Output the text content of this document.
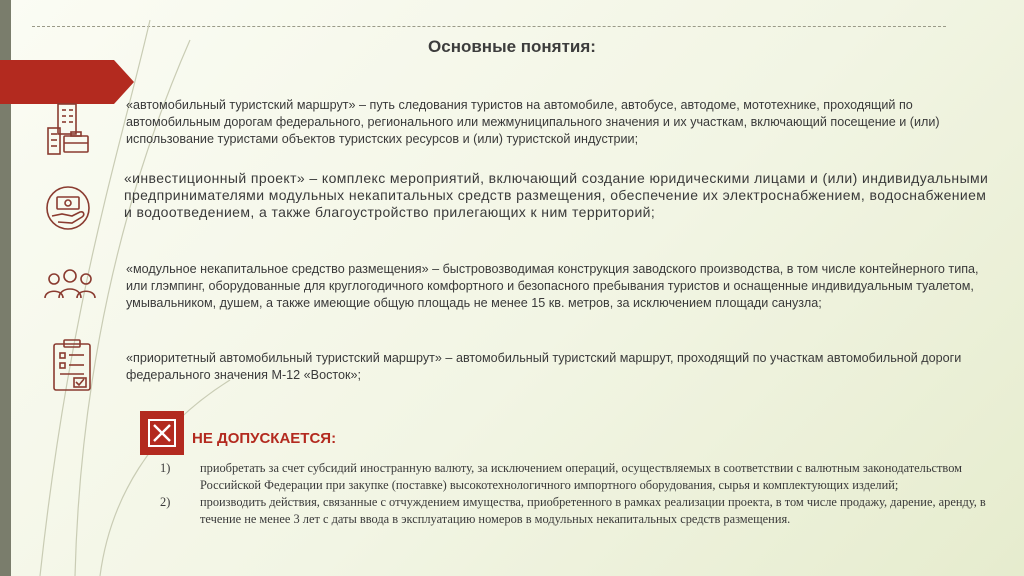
Основные понятия:
«автомобильный туристский маршрут» – путь следования туристов на автомобиле, автобусе, автодоме, мототехнике, проходящий по автомобильным дорогам федерального, регионального или межмуниципального значения и их участкам, включающий посещение и (или) использование туристами объектов туристских ресурсов и (или) туристской индустрии;
«инвестиционный проект» – комплекс мероприятий, включающий создание юридическими лицами и (или) индивидуальными предпринимателями модульных некапитальных средств размещения, обеспечение их электроснабжением, водоснабжением и водоотведением, а также благоустройство прилегающих к ним территорий;
«модульное некапитальное средство размещения» – быстровозводимая конструкция заводского производства, в том числе контейнерного типа, или глэмпинг, оборудованные для круглогодичного комфортного и безопасного пребывания туристов и оснащенные индивидуальным туалетом, умывальником, душем, а также имеющие общую площадь не менее 15 кв. метров, за исключением площади санузла;
«приоритетный автомобильный туристский маршрут» – автомобильный туристский маршрут, проходящий по участкам автомобильной дороги федерального значения М-12 «Восток»;
НЕ ДОПУСКАЕТСЯ:
1)	приобретать за счет субсидий иностранную валюту, за исключением операций, осуществляемых в соответствии с валютным законодательством Российской Федерации при закупке (поставке) высокотехнологичного импортного оборудования, сырья и комплектующих изделий;
2)	производить действия, связанные с отчуждением имущества, приобретенного в рамках реализации проекта, в том числе продажу, дарение, аренду, в течение не менее 3 лет с даты ввода в эксплуатацию номеров в модульных некапитальных средств размещения.
